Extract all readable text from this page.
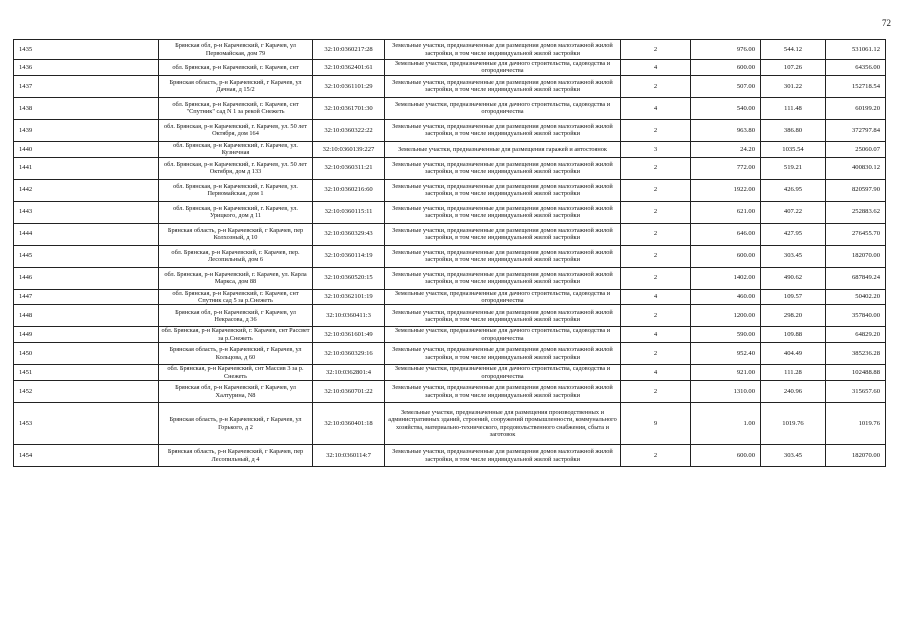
72
1435	Брянская обл, р-н Карачевский, г Карачев, ул Первомайская, дом 79	32:10:0360217:28	Земельные участки, предназначенные для размещения домов малоэтажной жилой застройки, в том числе индивидуальной жилой застройки	2	976.00	544.12	531061.12
1436	обл. Брянская, р-н Карачевский, г. Карачев, снт	32:10:0362401:61	Земельные участки, предназначенные для дачного строительства, садоводства и огородничества	4	600.00	107.26	64356.00
1437	Брянская область, р-н Карачевский, г Карачев, ул Дачная, д 15/2	32:10:0361101:29	Земельные участки, предназначенные для размещения домов малоэтажной жилой застройки, в том числе индивидуальной жилой застройки	2	507.00	301.22	152718.54
1438	обл. Брянская, р-н Карачевский, г. Карачев, снт "Спутник" сад N 1 за рекой Снежеть	32:10:0361701:30	Земельные участки, предназначенные для дачного строительства, садоводства и огородничества	4	540.00	111.48	60199.20
1439	обл. Брянская, р-н Карачевский, г. Карачев, ул. 50 лет Октября, дом 164	32:10:0360322:22	Земельные участки, предназначенные для размещения домов малоэтажной жилой застройки, в том числе индивидуальной жилой застройки	2	963.80	386.80	372797.84
1440	обл. Брянская, р-н Карачевский, г. Карачев, ул. Кузнечная	32:10:0360139:227	Земельные участки, предназначенные для размещения гаражей и автостоянок	3	24.20	1035.54	25060.07
1441	обл. Брянская, р-н Карачевский, г. Карачев, ул. 50 лет Октября, дом д 133	32:10:0360311:21	Земельные участки, предназначенные для размещения домов малоэтажной жилой застройки, в том числе индивидуальной жилой застройки	2	772.00	519.21	400830.12
1442	обл. Брянская, р-н Карачевский, г. Карачев, ул. Первомайская, дом 1	32:10:0360216:60	Земельные участки, предназначенные для размещения домов малоэтажной жилой застройки, в том числе индивидуальной жилой застройки	2	1922.00	426.95	820597.90
1443	обл. Брянская, р-н Карачевский, г. Карачев, ул. Урицкого, дом д 11	32:10:0360115:11	Земельные участки, предназначенные для размещения домов малоэтажной жилой застройки, в том числе индивидуальной жилой застройки	2	621.00	407.22	252883.62
1444	Брянская область, р-н Карачевский, г Карачев, пер Колхозный, д 10	32:10:0360329:43	Земельные участки, предназначенные для размещения домов малоэтажной жилой застройки, в том числе индивидуальной жилой застройки	2	646.00	427.95	276455.70
1445	обл. Брянская, р-н Карачевский, г. Карачев, пер. Лесопильный, дом 6	32:10:0360114:19	Земельные участки, предназначенные для размещения домов малоэтажной жилой застройки, в том числе индивидуальной жилой застройки	2	600.00	303.45	182070.00
1446	обл. Брянская, р-н Карачевский, г. Карачев, ул. Карла Маркса, дом 88	32:10:0360520:15	Земельные участки, предназначенные для размещения домов малоэтажной жилой застройки, в том числе индивидуальной жилой застройки	2	1402.00	490.62	687849.24
1447	обл. Брянская, р-н Карачевский, г. Карачев, снт Спутник сад 5 за р.Снежеть	32:10:0362101:19	Земельные участки, предназначенные для дачного строительства, садоводства и огородничества	4	460.00	109.57	50402.20
1448	Брянская обл, р-н Карачевский, г Карачев, ул Некрасова, д 36	32:10:0360411:3	Земельные участки, предназначенные для размещения домов малоэтажной жилой застройки, в том числе индивидуальной жилой застройки	2	1200.00	298.20	357840.00
1449	обл. Брянская, р-н Карачевский, г. Карачев, снт Рассвет за р.Снежеть	32:10:0361601:49	Земельные участки, предназначенные для дачного строительства, садоводства и огородничества	4	590.00	109.88	64829.20
1450	Брянская область, р-н Карачевский, г Карачев, ул Кольцова, д 60	32:10:0360329:16	Земельные участки, предназначенные для размещения домов малоэтажной жилой застройки, в том числе индивидуальной жилой застройки	2	952.40	404.49	385236.28
1451	обл. Брянская, р-н Карачевский, снт Массив 3 за р. Снежеть	32:10:0362801:4	Земельные участки, предназначенные для дачного строительства, садоводства и огородничества	4	921.00	111.28	102488.88
1452	Брянская обл, р-н Карачевский, г Карачев, ул Халтурина, N8	32:10:0360701:22	Земельные участки, предназначенные для размещения домов малоэтажной жилой застройки, в том числе индивидуальной жилой застройки	2	1310.00	240.96	315657.60
1453	Брянская область, р-н Карачевский, г Карачев, ул Горького, д 2	32:10:0360401:18	Земельные участки, предназначенные для размещения производственных и административных зданий, строений, сооружений промышленности, коммунального хозяйства, материально-технического, продовольственного снабжения, сбыта и заготовок	9	1.00	1019.76	1019.76
1454	Брянская область, р-н Карачевский, г Карачев, пер Лесопильный, д 4	32:10:0360114:7	Земельные участки, предназначенные для размещения домов малоэтажной жилой застройки, в том числе индивидуальной жилой застройки	2	600.00	303.45	182070.00
